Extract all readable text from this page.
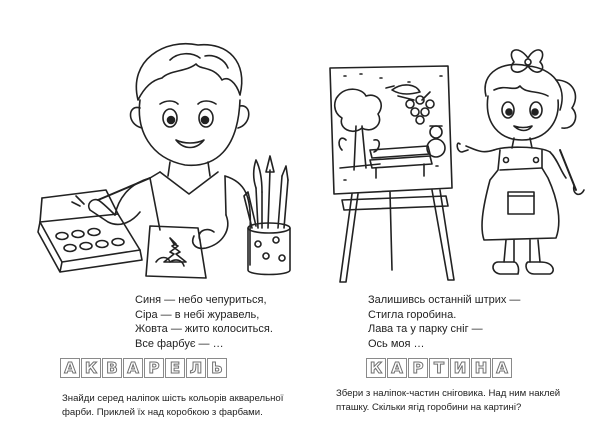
Синя — небо чепуриться,
Сіра — в небі журавель,
Жовта — жито колоситься.
Все фарбує — …
Залишивсь останній штрих —
Стигла горобина.
Лава та у парку сніг —
Ось моя …
А К В А Р Е Л Ь	К А Р Т И Н А
Знайди серед наліпок шість кольорів акварельної фарби. Приклей їх над коробкою з фарбами.
Збери з наліпок-частин сніговика. Над ним наклей пташку. Скільки ягід горобини на картині?
